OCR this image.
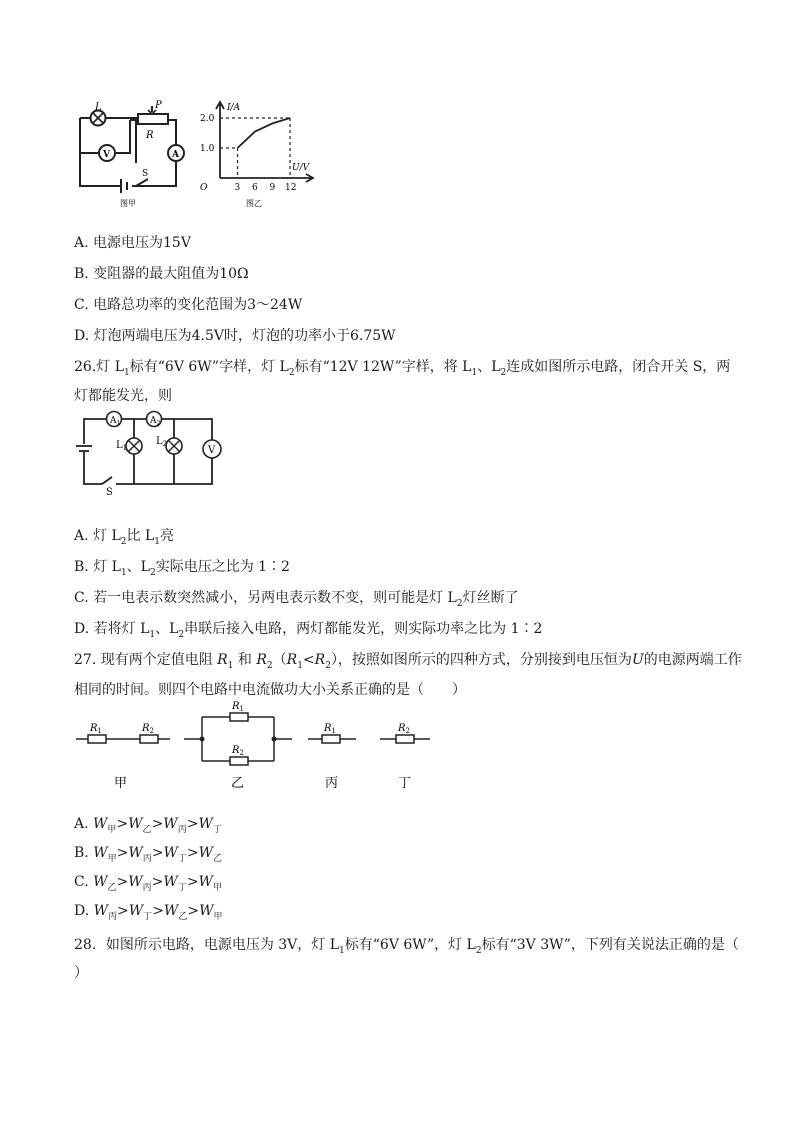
L	P
R
V	A
S
图甲
I/A
U/V
O
2.0
1.0
3 6 9 12
图乙
A. 电源电压为15V
B. 变阻器的最大阻值为10Ω
C. 电路总功率的变化范围为3～24W
D. 灯泡两端电压为4.5V时，灯泡的功率小于6.75W
26.灯 $L_1$标有“6V 6W”字样，灯 $L_2$标有“12V 12W”字样，将 $L_1$、$L_2$连成如图所示电路，闭合开关 S，两
灯都能发光，则
$A_1$	$A_2$
$L_1$
$L_2$
V
S
A. 灯 $L_2$比 $L_1$亮
B. 灯 $L_1$、$L_2$实际电压之比为 1∶2
C. 若一电表示数突然减小，另两电表示数不变，则可能是灯 $L_2$灯丝断了
D. 若将灯 $L_1$、$L_2$串联后接入电路，两灯都能发光，则实际功率之比为 1∶2
27. 现有两个定值电阻 $R_1$ 和 $R_2(R_1<R_2)$，按照如图所示的四种方式，分别接到电压恒为U的电源两端工作
相同的时间。则四个电路中电流做功大小关系正确的是（　　）
$R_1$	$R_2$
$R_1$
$R_2$
$R_1$	$R_2$
甲	乙	丙	丁
A. $W_甲>W_乙>W_丙>W_丁$
B. $W_甲>W_丙>W_丁>W_乙$
C. $W_乙>W_丙>W_丁>W_甲$
D. $W_丙>W_丁>W_乙>W_甲$
28．如图所示电路，电源电压为 3V，灯 $L_1$标有“6V 6W”，灯 $L_2$标有“3V 3W”，下列有关说法正确的是（
）
